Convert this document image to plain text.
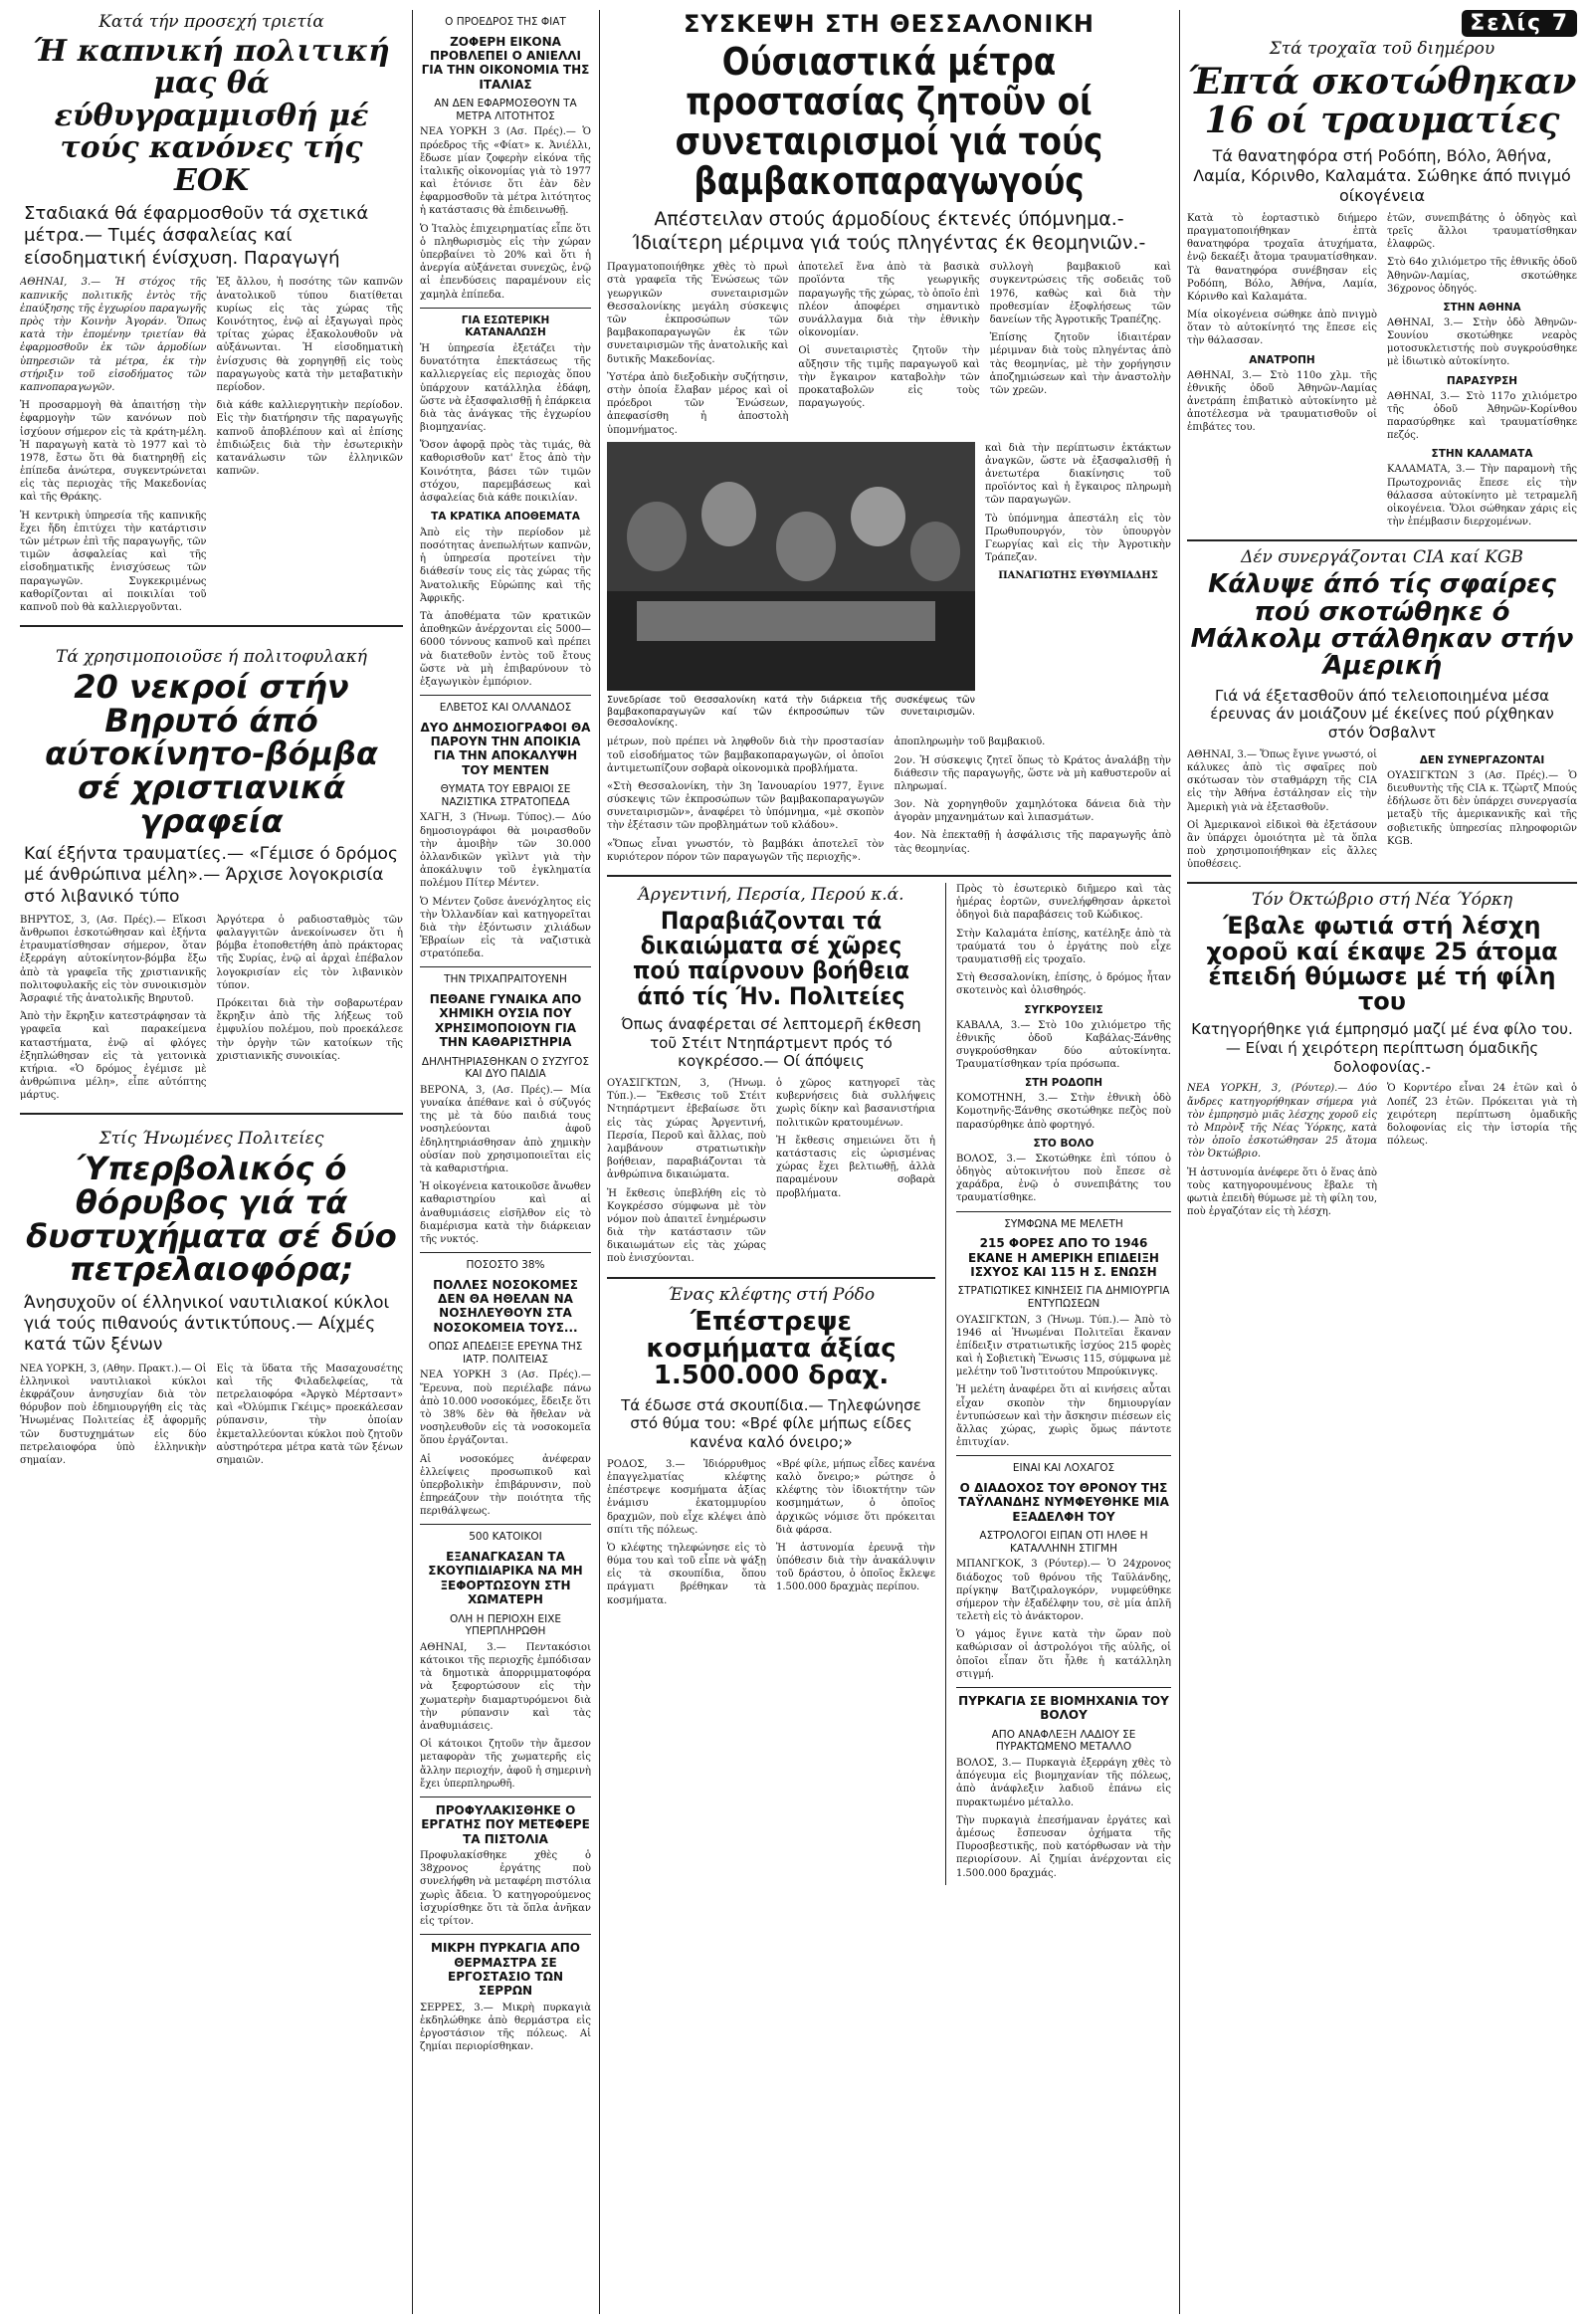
Κατά τήν προσεχή τριετία
Ή καπνική πολιτική μας θά εύθυγραμμισθή μέ τούς κανόνες τής ΕΟΚ
Σταδιακά θά έφαρμοσθοῦν τά σχετικά μέτρα.— Τιμές άσφαλείας καί είσοδηματική ένίσχυση. Παραγωγή

ΑΘΗΝΑΙ, 3.— Ἡ στόχος τῆς καπνικῆς πολιτικῆς ἐντὸς τῆς ἐπαύξησης τῆς ἐγχωρίου παραγωγῆς πρὸς τὴν Κοινὴν Ἀγοράν. Ὅπως κατὰ τὴν ἐπομένην τριετίαν θὰ ἐφαρμοσθοῦν ἐκ τῶν ἀρμοδίων ὑπηρεσιῶν τὰ μέτρα, ἐκ τὴν στήριξιν τοῦ εἰσοδήματος τῶν καπνοπαραγωγῶν.

Ἡ προσαρμογὴ θὰ ἀπαιτήσῃ τὴν ἐφαρμογὴν τῶν κανόνων ποὺ ἰσχύουν σήμερον εἰς τὰ κράτη-μέλη. Ἡ παραγωγὴ κατὰ τὸ 1977 καὶ τὸ 1978, ἔστω ὅτι θὰ διατηρηθῇ εἰς ἐπίπεδα ἀνώτερα, συγκεντρώνεται εἰς τὰς περιοχὰς τῆς Μακεδονίας καὶ τῆς Θράκης.

Ἡ κεντρικὴ ὑπηρεσία τῆς καπνικῆς ἔχει ἤδη ἐπιτύχει τὴν κατάρτισιν τῶν μέτρων ἐπὶ τῆς παραγωγῆς, τῶν τιμῶν ἀσφαλείας καὶ τῆς εἰσοδηματικῆς ἐνισχύσεως τῶν παραγωγῶν. Συγκεκριμένως καθορίζονται αἱ ποικιλίαι τοῦ καπνοῦ ποὺ θὰ καλλιεργοῦνται.

Ἐξ ἄλλου, ἡ ποσότης τῶν καπνῶν ἀνατολικοῦ τύπου διατίθεται κυρίως εἰς τὰς χώρας τῆς Κοινότητος, ἐνῷ αἱ ἐξαγωγαὶ πρὸς τρίτας χώρας ἐξακολουθοῦν νὰ αὐξάνωνται. Ἡ εἰσοδηματικὴ ἐνίσχυσις θὰ χορηγηθῇ εἰς τοὺς παραγωγοὺς κατὰ τὴν μεταβατικὴν περίοδον.

διὰ κάθε καλλιεργητικὴν περίοδον. Εἰς τὴν διατήρησιν τῆς παραγωγῆς καπνοῦ ἀποβλέπουν καὶ αἱ ἐπίσης ἐπιδιώξεις διὰ τὴν ἐσωτερικὴν κατανάλωσιν τῶν ἐλληνικῶν καπνῶν.

Τά χρησιμοποιοῦσε ή πολιτοφυλακή
20 νεκροί στήν Βηρυτό άπό αύτοκίνητο-βόμβα σέ χριστιανικά γραφεία
Καί έξήντα τραυματίες.— «Γέμισε ό δρόμος μέ άνθρώπινα μέλη».— Άρχισε λογοκρισία στό λιβανικό τύπο

ΒΗΡΥΤΟΣ, 3, (Ασ. Πρές).— Εἴκοσι ἄνθρωποι ἐσκοτώθησαν καὶ ἑξήντα ἐτραυματίσθησαν σήμερον, ὅταν ἐξερράγη αὐτοκίνητον-βόμβα ἔξω ἀπὸ τὰ γραφεῖα τῆς χριστιανικῆς πολιτοφυλακῆς εἰς τὸν συνοικισμὸν Ἀσραφιέ τῆς ἀνατολικῆς Βηρυτοῦ.

Ἀπὸ τὴν ἔκρηξιν κατεστράφησαν τὰ γραφεῖα καὶ παρακείμενα καταστήματα, ἐνῷ αἱ φλόγες ἐξηπλώθησαν εἰς τὰ γειτονικὰ κτήρια. «Ὁ δρόμος ἐγέμισε μὲ ἀνθρώπινα μέλη», εἶπε αὐτόπτης μάρτυς.

Ἀργότερα ὁ ραδιοσταθμὸς τῶν φαλαγγιτῶν ἀνεκοίνωσεν ὅτι ἡ βόμβα ἐτοποθετήθη ἀπὸ πράκτορας τῆς Συρίας, ἐνῷ αἱ ἀρχαὶ ἐπέβαλον λογοκρισίαν εἰς τὸν λιβανικὸν τύπον.

Πρόκειται διὰ τὴν σοβαρωτέραν ἔκρηξιν ἀπὸ τῆς λήξεως τοῦ ἐμφυλίου πολέμου, ποὺ προεκάλεσε τὴν ὀργὴν τῶν κατοίκων τῆς χριστιανικῆς συνοικίας.

Στίς Ήνωμένες Πολιτείες
Ύπερβολικός ό θόρυβος γιά τά δυστυχήματα σέ δύο πετρελαιοφόρα;
Άνησυχοῦν οί έλληνικοί ναυτιλιακοί κύκλοι γιά τούς πιθανούς άντικτύπους.— Αίχμές κατά τῶν ξένων

ΝΕΑ ΥΟΡΚΗ, 3, (Αθην. Πρακτ.).— Οἱ ἑλληνικοὶ ναυτιλιακοὶ κύκλοι ἐκφράζουν ἀνησυχίαν διὰ τὸν θόρυβον ποὺ ἐδημιουργήθη εἰς τὰς Ἡνωμένας Πολιτείας ἐξ ἀφορμῆς τῶν δυστυχημάτων εἰς δύο πετρελαιοφόρα ὑπὸ ἑλληνικὴν σημαίαν.

Εἰς τὰ ὕδατα τῆς Μασαχουσέτης καὶ τῆς Φιλαδελφείας, τὰ πετρελαιοφόρα «Ἀργκὸ Μέρτσαντ» καὶ «Ὀλύμπικ Γκέιμς» προεκάλεσαν ρύπανσιν, τὴν ὁποίαν ἐκμεταλλεύονται κύκλοι ποὺ ζητοῦν αὐστηρότερα μέτρα κατὰ τῶν ξένων σημαιῶν.

Ο ΠΡΟΕΔΡΟΣ ΤΗΣ ΦΙΑΤ
ΖΟΦΕΡΗ ΕΙΚΟΝΑ ΠΡΟΒΛΕΠΕΙ Ο ΑΝΙΕΛΛΙ ΓΙΑ ΤΗΝ ΟΙΚΟΝΟΜΙΑ ΤΗΣ ΙΤΑΛΙΑΣ
ΑΝ ΔΕΝ ΕΦΑΡΜΟΣΘΟΥΝ ΤΑ ΜΕΤΡΑ ΛΙΤΟΤΗΤΟΣ

ΝΕΑ ΥΟΡΚΗ 3 (Ασ. Πρές).— Ὁ πρόεδρος τῆς «Φίατ» κ. Ἀνιέλλι, ἔδωσε μίαν ζοφερὴν εἰκόνα τῆς ἰταλικῆς οἰκονομίας γιὰ τὸ 1977 καὶ ἐτόνισε ὅτι ἐὰν δὲν ἐφαρμοσθοῦν τὰ μέτρα λιτότητος ἡ κατάστασις θὰ ἐπιδεινωθῇ.

Ὁ Ἰταλὸς ἐπιχειρηματίας εἶπε ὅτι ὁ πληθωρισμὸς εἰς τὴν χώραν ὑπερβαίνει τὸ 20% καὶ ὅτι ἡ ἀνεργία αὐξάνεται συνεχῶς, ἐνῷ αἱ ἐπενδύσεις παραμένουν εἰς χαμηλὰ ἐπίπεδα.

ΓΙΑ ΕΣΩΤΕΡΙΚΗ ΚΑΤΑΝΑΛΩΣΗ

Ἡ ὑπηρεσία ἐξετάζει τὴν δυνατότητα ἐπεκτάσεως τῆς καλλιεργείας εἰς περιοχὰς ὅπου ὑπάρχουν κατάλληλα ἐδάφη, ὥστε νὰ ἐξασφαλισθῇ ἡ ἐπάρκεια διὰ τὰς ἀνάγκας τῆς ἐγχωρίου βιομηχανίας.

Ὅσον ἀφορᾷ πρὸς τὰς τιμάς, θὰ καθορισθοῦν κατ' ἔτος ἀπὸ τὴν Κοινότητα, βάσει τῶν τιμῶν στόχου, παρεμβάσεως καὶ ἀσφαλείας διὰ κάθε ποικιλίαν.

ΤΑ ΚΡΑΤΙΚΑ ΑΠΟΘΕΜΑΤΑ

Ἀπὸ εἰς τὴν περίοδον μὲ ποσότητας ἀνεπωλήτων καπνῶν, ἡ ὑπηρεσία προτείνει τὴν διάθεσίν τους εἰς τὰς χώρας τῆς Ἀνατολικῆς Εὐρώπης καὶ τῆς Ἀφρικῆς.

Τὰ ἀποθέματα τῶν κρατικῶν ἀποθηκῶν ἀνέρχονται εἰς 5000—6000 τόννους καπνοῦ καὶ πρέπει νὰ διατεθοῦν ἐντὸς τοῦ ἔτους ὥστε νὰ μὴ ἐπιβαρύνουν τὸ ἐξαγωγικὸν ἐμπόριον.

ΕΛΒΕΤΟΣ ΚΑΙ ΟΛΛΑΝΔΟΣ
ΔΥΟ ΔΗΜΟΣΙΟΓΡΑΦΟΙ ΘΑ ΠΑΡΟΥΝ ΤΗΝ ΑΠΟΙΚΙΑ ΓΙΑ ΤΗΝ ΑΠΟΚΑΛΥΨΗ ΤΟΥ ΜΕΝΤΕΝ
ΘΥΜΑΤΑ ΤΟΥ ΕΒΡΑΙΟΙ ΣΕ ΝΑΖΙΣΤΙΚΑ ΣΤΡΑΤΟΠΕΔΑ

ΧΑΓΗ, 3 (Ἡνωμ. Τύπος).— Δύο δημοσιογράφοι θὰ μοιρασθοῦν τὴν ἀμοιβὴν τῶν 30.000 ὀλλανδικῶν γκὶλντ γιὰ τὴν ἀποκάλυψιν τοῦ ἐγκληματία πολέμου Πίτερ Μέντεν.

Ὁ Μέντεν ζοῦσε ἀνενόχλητος εἰς τὴν Ὀλλανδίαν καὶ κατηγορεῖται διὰ τὴν ἐξόντωσιν χιλιάδων Ἑβραίων εἰς τὰ ναζιστικὰ στρατόπεδα.

ΤΗΝ ΤΡΙΧΑΠΡΑΙΤΟΥΕΝΗ
ΠΕΘΑΝΕ ΓΥΝΑΙΚΑ ΑΠΟ ΧΗΜΙΚΗ ΟΥΣΙΑ ΠΟΥ ΧΡΗΣΙΜΟΠΟΙΟΥΝ ΓΙΑ ΤΗΝ ΚΑΘΑΡΙΣΤΗΡΙΑ
ΔΗΛΗΤΗΡΙΑΣΘΗΚΑΝ Ο ΣΥΖΥΓΟΣ ΚΑΙ ΔΥΟ ΠΑΙΔΙΑ

ΒΕΡΟΝΑ, 3, (Ασ. Πρές).— Μία γυναίκα ἀπέθανε καὶ ὁ σύζυγός της μὲ τὰ δύο παιδιά τους νοσηλεύονται ἀφοῦ ἐδηλητηριάσθησαν ἀπὸ χημικὴν οὐσίαν ποὺ χρησιμοποιεῖται εἰς τὰ καθαριστήρια.

Ἡ οἰκογένεια κατοικοῦσε ἄνωθεν καθαριστηρίου καὶ αἱ ἀναθυμιάσεις εἰσῆλθον εἰς τὸ διαμέρισμα κατὰ τὴν διάρκειαν τῆς νυκτός.

ΠΟΣΟΣΤΟ 38%
ΠΟΛΛΕΣ ΝΟΣΟΚΟΜΕΣ ΔΕΝ ΘΑ ΗΘΕΛΑΝ ΝΑ ΝΟΣΗΛΕΥΘΟΥΝ ΣΤΑ ΝΟΣΟΚΟΜΕΙΑ ΤΟΥΣ...
ΟΠΩΣ ΑΠΕΔΕΙΞΕ ΕΡΕΥΝΑ ΤΗΣ ΙΑΤΡ. ΠΟΛΙΤΕΙΑΣ

ΝΕΑ ΥΟΡΚΗ 3 (Ασ. Πρές).— Ἔρευνα, ποὺ περιέλαβε πάνω ἀπὸ 10.000 νοσοκόμες, ἔδειξε ὅτι τὸ 38% δὲν θὰ ἤθελαν νὰ νοσηλευθοῦν εἰς τὰ νοσοκομεῖα ὅπου ἐργάζονται.

Αἱ νοσοκόμες ἀνέφεραν ἐλλείψεις προσωπικοῦ καὶ ὑπερβολικὴν ἐπιβάρυνσιν, ποὺ ἐπηρεάζουν τὴν ποιότητα τῆς περιθάλψεως.

500 ΚΑΤΟΙΚΟΙ
ΕΞΑΝΑΓΚΑΣΑΝ ΤΑ ΣΚΟΥΠΙΔΙΑΡΙΚΑ ΝΑ ΜΗ ΞΕΦΟΡΤΩΣΟΥΝ ΣΤΗ ΧΩΜΑΤΕΡΗ
ΟΛΗ Η ΠΕΡΙΟΧΗ ΕΙΧΕ ΥΠΕΡΠΛΗΡΩΘΗ

ΑΘΗΝΑΙ, 3.— Πεντακόσιοι κάτοικοι τῆς περιοχῆς ἐμπόδισαν τὰ δημοτικὰ ἀπορριμματοφόρα νὰ ξεφορτώσουν εἰς τὴν χωματερὴν διαμαρτυρόμενοι διὰ τὴν ρύπανσιν καὶ τὰς ἀναθυμιάσεις.

Οἱ κάτοικοι ζητοῦν τὴν ἄμεσον μεταφορὰν τῆς χωματερῆς εἰς ἄλλην περιοχήν, ἀφοῦ ἡ σημερινὴ ἔχει ὑπερπληρωθῆ.

ΠΡΟΦΥΛΑΚΙΣΘΗΚΕ Ο ΕΡΓΑΤΗΣ ΠΟΥ ΜΕΤΕΦΕΡΕ ΤΑ ΠΙΣΤΟΛΙΑ

Προφυλακίσθηκε χθὲς ὁ 38χρονος ἐργάτης ποὺ συνελήφθη νὰ μεταφέρη πιστόλια χωρὶς ἄδεια. Ὁ κατηγορούμενος ἰσχυρίσθηκε ὅτι τὰ ὅπλα ἀνῆκαν εἰς τρίτον.

ΜΙΚΡΗ ΠΥΡΚΑΓΙΑ ΑΠΟ ΘΕΡΜΑΣΤΡΑ ΣΕ ΕΡΓΟΣΤΑΣΙΟ ΤΩΝ ΣΕΡΡΩΝ

ΣΕΡΡΕΣ, 3.— Μικρὴ πυρκαγιὰ ἐκδηλώθηκε ἀπὸ θερμάστρα εἰς ἐργοστάσιον τῆς πόλεως. Αἱ ζημίαι περιορίσθηκαν.

ΣΥΣΚΕΨΗ ΣΤΗ ΘΕΣΣΑΛΟΝΙΚΗ
Ούσιαστικά μέτρα προστασίας ζητοῦν οί συνεταιρισμοί γιά τούς βαμβακοπαραγωγούς
Απέστειλαν στούς άρμοδίους έκτενές ύπόμνημα.- Ίδιαίτερη μέριμνα γιά τούς πληγέντας έκ θεομηνιῶν.-

Πραγματοποιήθηκε χθὲς τὸ πρωὶ στὰ γραφεῖα τῆς Ἑνώσεως τῶν γεωργικῶν συνεταιρισμῶν Θεσσαλονίκης μεγάλη σύσκεψις τῶν ἐκπροσώπων τῶν βαμβακοπαραγωγῶν ἐκ τῶν συνεταιρισμῶν τῆς ἀνατολικῆς καὶ δυτικῆς Μακεδονίας.

Ὑστέρα ἀπὸ διεξοδικὴν συζήτησιν, στὴν ὁποία ἔλαβαν μέρος καὶ οἱ πρόεδροι τῶν Ἑνώσεων, ἀπεφασίσθη ἡ ἀποστολὴ ὑπομνήματος.

ἀποτελεῖ ἕνα ἀπὸ τὰ βασικὰ προϊόντα τῆς γεωργικῆς παραγωγῆς τῆς χώρας, τὸ ὁποῖο ἐπὶ πλέον ἀποφέρει σημαντικὸ συνάλλαγμα διὰ τὴν ἐθνικὴν οἰκονομίαν.

Οἱ συνεταιριστὲς ζητοῦν τὴν αὔξησιν τῆς τιμῆς παραγωγοῦ καὶ τὴν ἔγκαιρον καταβολὴν τῶν προκαταβολῶν εἰς τοὺς παραγωγούς.

συλλογὴ βαμβακιοῦ καὶ συγκεντρώσεις τῆς σοδειᾶς τοῦ 1976, καθὼς καὶ διὰ τὴν προθεσμίαν ἐξοφλήσεως τῶν δανείων τῆς Ἀγροτικῆς Τραπέζης.

Ἐπίσης ζητοῦν ἰδιαιτέραν μέριμναν διὰ τοὺς πληγέντας ἀπὸ τὰς θεομηνίας, μὲ τὴν χορήγησιν ἀποζημιώσεων καὶ τὴν ἀναστολὴν τῶν χρεῶν.

Συνεδρίασε τοῦ Θεσσαλονίκη κατά τὴν διάρκεια τῆς συσκέψεως τῶν βαμβακοπαραγωγῶν καί τῶν έκπροσώπων τῶν συνεταιρισμῶν. Θεσσαλονίκης.

καὶ διὰ τὴν περίπτωσιν ἐκτάκτων ἀναγκῶν, ὥστε νὰ ἐξασφαλισθῇ ἡ ἀνετωτέρα διακίνησις τοῦ προϊόντος καὶ ἡ ἔγκαιρος πληρωμὴ τῶν παραγωγῶν.

Τὸ ὑπόμνημα ἀπεστάλη εἰς τὸν Πρωθυπουργόν, τὸν ὑπουργὸν Γεωργίας καὶ εἰς τὴν Ἀγροτικὴν Τράπεζαν.

ΠΑΝΑΓΙΩΤΗΣ ΕΥΘΥΜΙΑΔΗΣ

μέτρων, ποὺ πρέπει νὰ ληφθοῦν διὰ τὴν προστασίαν τοῦ εἰσοδήματος τῶν βαμβακοπαραγωγῶν, οἱ ὁποῖοι ἀντιμετωπίζουν σοβαρὰ οἰκονομικὰ προβλήματα.

«Στὴ Θεσσαλονίκη, τὴν 3η Ἰανουαρίου 1977, ἔγινε σύσκεψις τῶν ἐκπροσώπων τῶν βαμβακοπαραγωγῶν συνεταιρισμῶν», ἀναφέρει τὸ ὑπόμνημα, «μὲ σκοπὸν τὴν ἐξέτασιν τῶν προβλημάτων τοῦ κλάδου».

«Ὅπως εἶναι γνωστόν, τὸ βαμβάκι ἀποτελεῖ τὸν κυριότερον πόρον τῶν παραγωγῶν τῆς περιοχῆς».

ἀποπληρωμὴν τοῦ βαμβακιοῦ.

2ον. Ἡ σύσκεψις ζητεῖ ὅπως τὸ Κράτος ἀναλάβῃ τὴν διάθεσιν τῆς παραγωγῆς, ὥστε νὰ μὴ καθυστεροῦν αἱ πληρωμαί.

3ον. Νὰ χορηγηθοῦν χαμηλότοκα δάνεια διὰ τὴν ἀγορὰν μηχανημάτων καὶ λιπασμάτων.

4ον. Νὰ ἐπεκταθῇ ἡ ἀσφάλισις τῆς παραγωγῆς ἀπὸ τὰς θεομηνίας.

Άργεντινή, Περσία, Περού κ.ά.
Παραβιάζονται τά δικαιώματα σέ χῶρες πού παίρνουν βοήθεια άπό τίς Ήν. Πολιτείες
Όπως άναφέρεται σέ λεπτομερῆ έκθεση τοῦ Στέιτ Ντηπάρτμεντ πρός τό κογκρέσσο.— Οί άπόψεις

ΟΥΑΣΙΓΚΤΩΝ, 3, (Ἡνωμ. Τύπ.).— Ἔκθεσις τοῦ Στέιτ Ντηπάρτμεντ ἐβεβαίωσε ὅτι εἰς τὰς χώρας Ἀργεντινή, Περσία, Περοῦ καὶ ἄλλας, ποὺ λαμβάνουν στρατιωτικὴν βοήθειαν, παραβιάζονται τὰ ἀνθρώπινα δικαιώματα.

Ἡ ἔκθεσις ὑπεβλήθη εἰς τὸ Κογκρέσσο σύμφωνα μὲ τὸν νόμον ποὺ ἀπαιτεῖ ἐνημέρωσιν διὰ τὴν κατάστασιν τῶν δικαιωμάτων εἰς τὰς χώρας ποὺ ἐνισχύονται.

ὁ χῶρος κατηγορεῖ τὰς κυβερνήσεις διὰ συλλήψεις χωρὶς δίκην καὶ βασανιστήρια πολιτικῶν κρατουμένων.

Ἡ ἔκθεσις σημειώνει ὅτι ἡ κατάστασις εἰς ὡρισμένας χώρας ἔχει βελτιωθῇ, ἀλλὰ παραμένουν σοβαρὰ προβλήματα.

Ένας κλέφτης στή Ρόδο
Έπέστρεψε κοσμήματα άξίας 1.500.000 δραχ.
Τά έδωσε στά σκουπίδια.— Τηλεφώνησε στό θύμα του: «Βρέ φίλε μήπως είδες κανένα καλό όνειρο;»

ΡΟΔΟΣ, 3.— Ἰδιόρρυθμος ἐπαγγελματίας κλέφτης ἐπέστρεψε κοσμήματα ἀξίας ἑνάμισυ ἑκατομμυρίου δραχμῶν, ποὺ εἶχε κλέψει ἀπὸ σπίτι τῆς πόλεως.

Ὁ κλέφτης τηλεφώνησε εἰς τὸ θύμα του καὶ τοῦ εἶπε νὰ ψάξῃ εἰς τὰ σκουπίδια, ὅπου πράγματι βρέθηκαν τὰ κοσμήματα.

«Βρέ φίλε, μήπως εἶδες κανένα καλὸ ὄνειρο;» ρώτησε ὁ κλέφτης τὸν ἰδιοκτήτην τῶν κοσμημάτων, ὁ ὁποῖος ἀρχικῶς νόμισε ὅτι πρόκειται διὰ φάρσα.

Ἡ ἀστυνομία ἐρευνᾷ τὴν ὑπόθεσιν διὰ τὴν ἀνακάλυψιν τοῦ δράστου, ὁ ὁποῖος ἔκλεψε 1.500.000 δραχμὰς περίπου.

Πρὸς τὸ ἐσωτερικὸ διῆμερο καὶ τὰς ἡμέρας ἑορτῶν, συνελήφθησαν ἀρκετοὶ ὁδηγοὶ διὰ παραβάσεις τοῦ Κώδικος.

Στὴν Καλαμάτα ἐπίσης, κατέληξε ἀπὸ τὰ τραύματά του ὁ ἐργάτης ποὺ εἶχε τραυματισθῇ εἰς τροχαῖο.

Στὴ Θεσσαλονίκη, ἐπίσης, ὁ δρόμος ἦταν σκοτεινὸς καὶ ὁλισθηρός.

ΣΥΓΚΡΟΥΣΕΙΣ

ΚΑΒΑΛΑ, 3.— Στὸ 10ο χιλιόμετρο τῆς ἐθνικῆς ὁδοῦ Καβάλας-Ξάνθης συγκρούσθηκαν δύο αὐτοκίνητα. Τραυματίσθηκαν τρία πρόσωπα.

ΣΤΗ ΡΟΔΟΠΗ

ΚΟΜΟΤΗΝΗ, 3.— Στὴν ἐθνικὴ ὁδὸ Κομοτηνῆς-Ξάνθης σκοτώθηκε πεζὸς ποὺ παρασύρθηκε ἀπὸ φορτηγό.

ΣΤΟ ΒΟΛΟ

ΒΟΛΟΣ, 3.— Σκοτώθηκε ἐπὶ τόπου ὁ ὁδηγὸς αὐτοκινήτου ποὺ ἔπεσε σὲ χαράδρα, ἐνῷ ὁ συνεπιβάτης του τραυματίσθηκε.

ΣΥΜΦΩΝΑ ΜΕ ΜΕΛΕΤΗ
215 ΦΟΡΕΣ ΑΠΟ ΤΟ 1946 ΕΚΑΝΕ Η ΑΜΕΡΙΚΗ ΕΠΙΔΕΙΞΗ ΙΣΧΥΟΣ ΚΑΙ 115 Η Σ. ΕΝΩΣΗ
ΣΤΡΑΤΙΩΤΙΚΕΣ ΚΙΝΗΣΕΙΣ ΓΙΑ ΔΗΜΙΟΥΡΓΙΑ ΕΝΤΥΠΩΣΕΩΝ

ΟΥΑΣΙΓΚΤΩΝ, 3 (Ἡνωμ. Τύπ.).— Ἀπὸ τὸ 1946 αἱ Ἡνωμέναι Πολιτεῖαι ἔκαναν ἐπίδειξιν στρατιωτικῆς ἰσχύος 215 φορὲς καὶ ἡ Σοβιετικὴ Ἕνωσις 115, σύμφωνα μὲ μελέτην τοῦ Ἰνστιτούτου Μπρούκινγκς.

Ἡ μελέτη ἀναφέρει ὅτι αἱ κινήσεις αὗται εἶχαν σκοπὸν τὴν δημιουργίαν ἐντυπώσεων καὶ τὴν ἄσκησιν πιέσεων εἰς ἄλλας χώρας, χωρὶς ὅμως πάντοτε ἐπιτυχίαν.

ΕΙΝΑΙ ΚΑΙ ΛΟΧΑΓΟΣ
Ο ΔΙΑΔΟΧΟΣ ΤΟΥ ΘΡΟΝΟΥ ΤΗΣ ΤΑΫΛΑΝΔΗΣ ΝΥΜΦΕΥΘΗΚΕ ΜΙΑ ΕΞΑΔΕΛΦΗ ΤΟΥ
ΑΣΤΡΟΛΟΓΟΙ ΕΙΠΑΝ ΟΤΙ ΗΛΘΕ Η ΚΑΤΑΛΛΗΝΗ ΣΤΙΓΜΗ

ΜΠΑΝΓΚΟΚ, 3 (Ρόυτερ).— Ὁ 24χρονος διάδοχος τοῦ θρόνου τῆς Ταϋλάνδης, πρίγκηψ Βατζιραλογκόρν, νυμφεύθηκε σήμερον τὴν ἐξαδέλφην του, σὲ μία ἁπλῆ τελετὴ εἰς τὸ ἀνάκτορον.

Ὁ γάμος ἔγινε κατὰ τὴν ὥραν ποὺ καθώρισαν οἱ ἀστρολόγοι τῆς αὐλῆς, οἱ ὁποῖοι εἶπαν ὅτι ἦλθε ἡ κατάλληλη στιγμή.

ΠΥΡΚΑΓΙΑ ΣΕ ΒΙΟΜΗΧΑΝΙΑ ΤΟΥ ΒΟΛΟΥ
ΑΠΟ ΑΝΑΦΛΕΞΗ ΛΑΔΙΟΥ ΣΕ ΠΥΡΑΚΤΩΜΕΝΟ ΜΕΤΑΛΛΟ

ΒΟΛΟΣ, 3.— Πυρκαγιὰ ἐξερράγη χθὲς τὸ ἀπόγευμα εἰς βιομηχανίαν τῆς πόλεως, ἀπὸ ἀνάφλεξιν λαδιοῦ ἐπάνω εἰς πυρακτωμένο μέταλλο.

Τὴν πυρκαγιὰ ἐπεσήμαναν ἐργάτες καὶ ἀμέσως ἔσπευσαν ὀχήματα τῆς Πυροσβεστικῆς, ποὺ κατόρθωσαν νὰ τὴν περιορίσουν. Αἱ ζημίαι ἀνέρχονται εἰς 1.500.000 δραχμάς.

Σελίς 7
Στά τροχαῖα τοῦ διημέρου
Έπτά σκοτώθηκαν 16 οί τραυματίες
Τά θανατηφόρα στή Ροδόπη, Βόλο, Άθήνα, Λαμία, Κόρινθο, Καλαμάτα. Σώθηκε άπό πνιγμό οίκογένεια

Κατὰ τὸ ἑορταστικὸ διήμερο πραγματοποιήθηκαν ἑπτὰ θανατηφόρα τροχαῖα ἀτυχήματα, ἐνῷ δεκαέξι ἄτομα τραυματίσθηκαν. Τὰ θανατηφόρα συνέβησαν εἰς Ροδόπη, Βόλο, Ἀθήνα, Λαμία, Κόρινθο καὶ Καλαμάτα.

Μία οἰκογένεια σώθηκε ἀπὸ πνιγμὸ ὅταν τὸ αὐτοκίνητό της ἔπεσε εἰς τὴν θάλασσαν.

ΑΝΑΤΡΟΠΗ

ΑΘΗΝΑΙ, 3.— Στὸ 110ο χλμ. τῆς ἐθνικῆς ὁδοῦ Ἀθηνῶν-Λαμίας ἀνετράπη ἐπιβατικὸ αὐτοκίνητο μὲ ἀποτέλεσμα νὰ τραυματισθοῦν οἱ ἐπιβάτες του.

ἐτῶν, συνεπιβάτης ὁ ὁδηγὸς καὶ τρεῖς ἄλλοι τραυματίσθηκαν ἐλαφρῶς.

Στὸ 64ο χιλιόμετρο τῆς ἐθνικῆς ὁδοῦ Ἀθηνῶν-Λαμίας, σκοτώθηκε 36χρονος ὁδηγός.

ΣΤΗΝ ΑΘΗΝΑ

ΑΘΗΝΑΙ, 3.— Στὴν ὁδὸ Ἀθηνῶν-Σουνίου σκοτώθηκε νεαρὸς μοτοσυκλετιστής ποὺ συγκρούσθηκε μὲ ἰδιωτικὸ αὐτοκίνητο.

ΠΑΡΑΣΥΡΣΗ

ΑΘΗΝΑΙ, 3.— Στὸ 117ο χιλιόμετρο τῆς ὁδοῦ Ἀθηνῶν-Κορίνθου παρασύρθηκε καὶ τραυματίσθηκε πεζός.

ΣΤΗΝ ΚΑΛΑΜΑΤΑ

ΚΑΛΑΜΑΤΑ, 3.— Τὴν παραμονὴ τῆς Πρωτοχρονιᾶς ἔπεσε εἰς τὴν θάλασσα αὐτοκίνητο μὲ τετραμελῆ οἰκογένεια. Ὅλοι σώθηκαν χάρις εἰς τὴν ἐπέμβασιν διερχομένων.

Δέν συνεργάζονται CIA καί KGB
Κάλυψε άπό τίς σφαίρες πού σκοτώθηκε ό Μάλκολμ στάλθηκαν στήν Άμερική
Γιά νά έξετασθοῦν άπό τελειοποιημένα μέσα έρευνας άν μοιάζουν μέ έκείνες πού ρίχθηκαν στόν Όσβαλντ

ΑΘΗΝΑΙ, 3.— Ὅπως ἔγινε γνωστό, οἱ κάλυκες ἀπὸ τὶς σφαῖρες ποὺ σκότωσαν τὸν σταθμάρχη τῆς CIA εἰς τὴν Ἀθήνα ἐστάλησαν εἰς τὴν Ἀμερικὴ γιὰ νὰ ἐξετασθοῦν.

Οἱ Ἀμερικανοὶ εἰδικοὶ θὰ ἐξετάσουν ἂν ὑπάρχει ὁμοιότητα μὲ τὰ ὅπλα ποὺ χρησιμοποιήθηκαν εἰς ἄλλες ὑποθέσεις.

ΔΕΝ ΣΥΝΕΡΓΑΖΟΝΤΑΙ

ΟΥΑΣΙΓΚΤΩΝ 3 (Ασ. Πρές).— Ὁ διευθυντὴς τῆς CIA κ. Τζὼρτζ Μπούς ἐδήλωσε ὅτι δὲν ὑπάρχει συνεργασία μεταξὺ τῆς ἀμερικανικῆς καὶ τῆς σοβιετικῆς ὑπηρεσίας πληροφοριῶν KGB.

Τόν Όκτώβριο στή Νέα Ύόρκη
Έβαλε φωτιά στή λέσχη χοροῦ καί έκαψε 25 άτομα έπειδή θύμωσε μέ τή φίλη του
Κατηγορήθηκε γιά έμπρησμό μαζί μέ ένα φίλο του.— Είναι ή χειρότερη περίπτωση όμαδικῆς δολοφονίας.-

ΝΕΑ ΥΟΡΚΗ, 3, (Ρόυτερ).— Δύο ἄνδρες κατηγορήθηκαν σήμερα γιὰ τὸν ἐμπρησμὸ μιᾶς λέσχης χοροῦ εἰς τὸ Μπρὸνξ τῆς Νέας Ὑόρκης, κατὰ τὸν ὁποῖο ἐσκοτώθησαν 25 ἄτομα τὸν Ὀκτώβριο.

Ἡ ἀστυνομία ἀνέφερε ὅτι ὁ ἕνας ἀπὸ τοὺς κατηγορουμένους ἔβαλε τὴ φωτιὰ ἐπειδὴ θύμωσε μὲ τὴ φίλη του, ποὺ ἐργαζόταν εἰς τὴ λέσχη.

Ὁ Κορντέρο εἶναι 24 ἐτῶν καὶ ὁ Λοπέζ 23 ἐτῶν. Πρόκειται γιὰ τὴ χειρότερη περίπτωση ὁμαδικῆς δολοφονίας εἰς τὴν ἱστορία τῆς πόλεως.
